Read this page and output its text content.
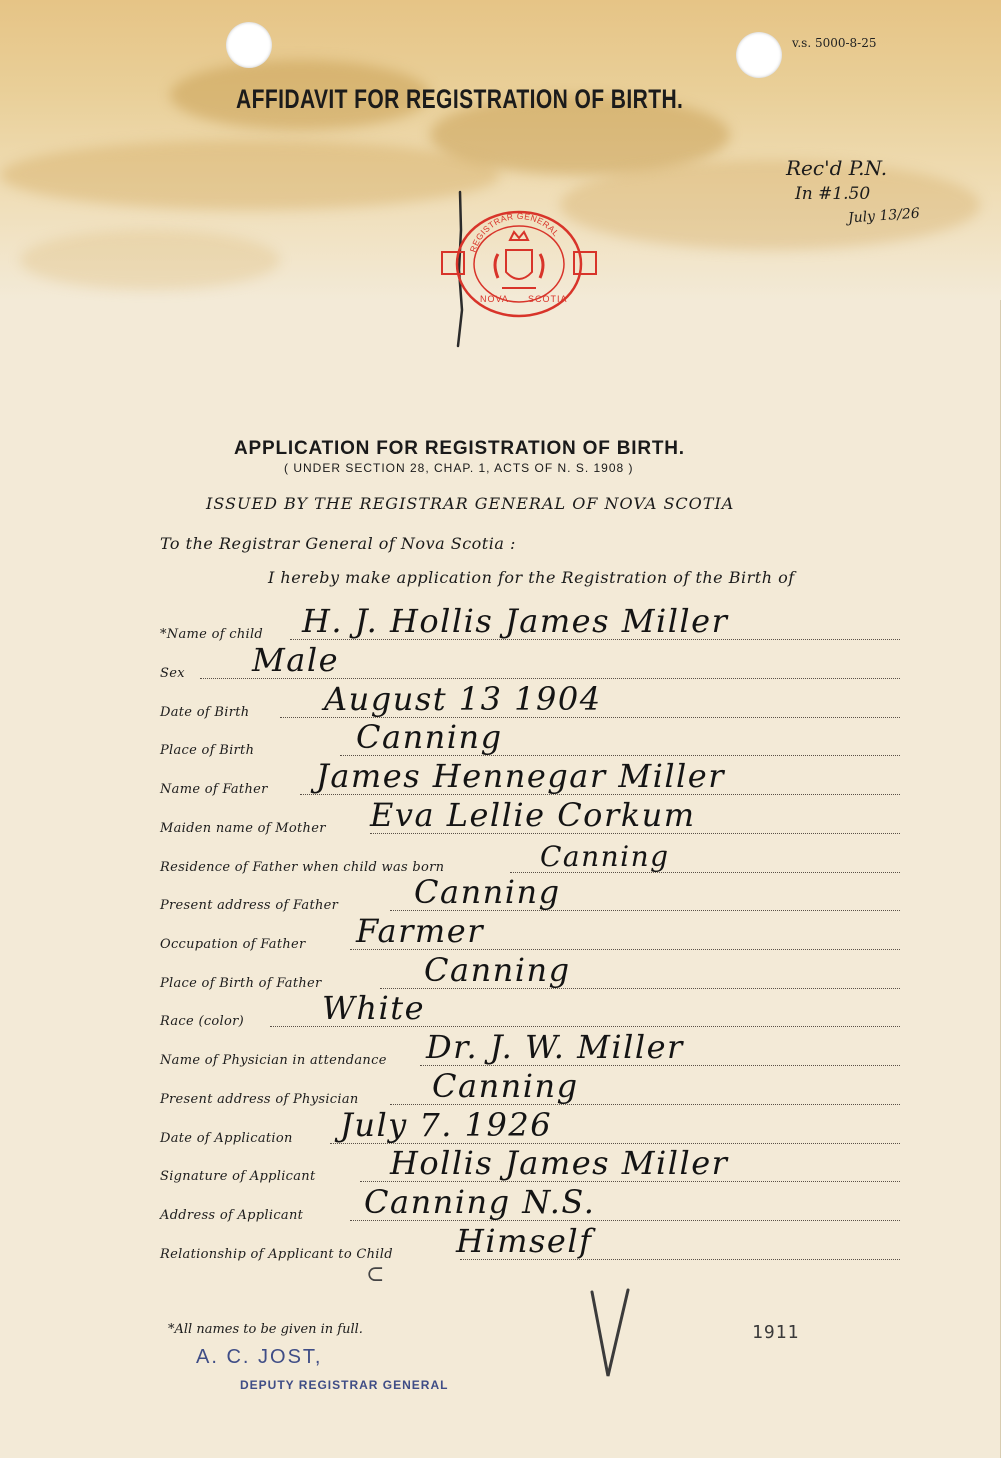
v.s. 5000-8-25
AFFIDAVIT FOR REGISTRATION OF BIRTH.
Rec'd P.N.
In #1.50
July 13/26
REGISTRAR GENERAL
NOVA SCOTIA
APPLICATION FOR REGISTRATION OF BIRTH.
( UNDER SECTION 28, CHAP. 1, ACTS OF N. S. 1908 )
ISSUED BY THE REGISTRAR GENERAL OF NOVA SCOTIA
To the Registrar General of Nova Scotia :
I hereby make application for the Registration of the Birth of
*Name of child H. J. Hollis James Miller
Sex Male
Date of Birth August 13 1904
Place of Birth	Canning
Name of Father James Hennegar Miller
Maiden name of Mother Eva Lellie Corkum
Residence of Father when child was born	Canning
Present address of Father Canning
Occupation of Father Farmer
Place of Birth of Father	Canning
Race (color) White
Name of Physician in attendance Dr. J. W. Miller
Present address of Physician Canning
Date of Application July 7. 1926
Signature of Applicant Hollis James Miller
Address of Applicant Canning N.S.
Relationship of Applicant to Child Himself
⊂
*All names to be given in full.
A. C. JOST,
DEPUTY REGISTRAR GENERAL
1911
